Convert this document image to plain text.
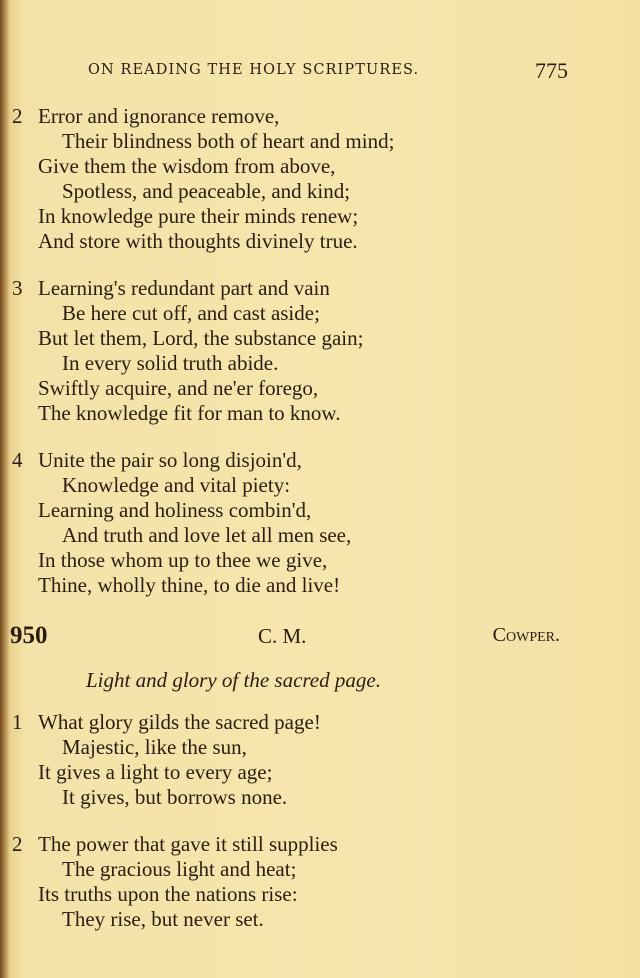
ON READING THE HOLY SCRIPTURES.	775
2 Error and ignorance remove,
Their blindness both of heart and mind;
Give them the wisdom from above,
Spotless, and peaceable, and kind;
In knowledge pure their minds renew;
And store with thoughts divinely true.
3 Learning's redundant part and vain
Be here cut off, and cast aside;
But let them, Lord, the substance gain;
In every solid truth abide.
Swiftly acquire, and ne'er forego,
The knowledge fit for man to know.
4 Unite the pair so long disjoin'd,
Knowledge and vital piety:
Learning and holiness combin'd,
And truth and love let all men see,
In those whom up to thee we give,
Thine, wholly thine, to die and live!
950	C. M.	Cowper.
Light and glory of the sacred page.
1 What glory gilds the sacred page!
Majestic, like the sun,
It gives a light to every age;
It gives, but borrows none.
2 The power that gave it still supplies
The gracious light and heat;
Its truths upon the nations rise:
They rise, but never set.
